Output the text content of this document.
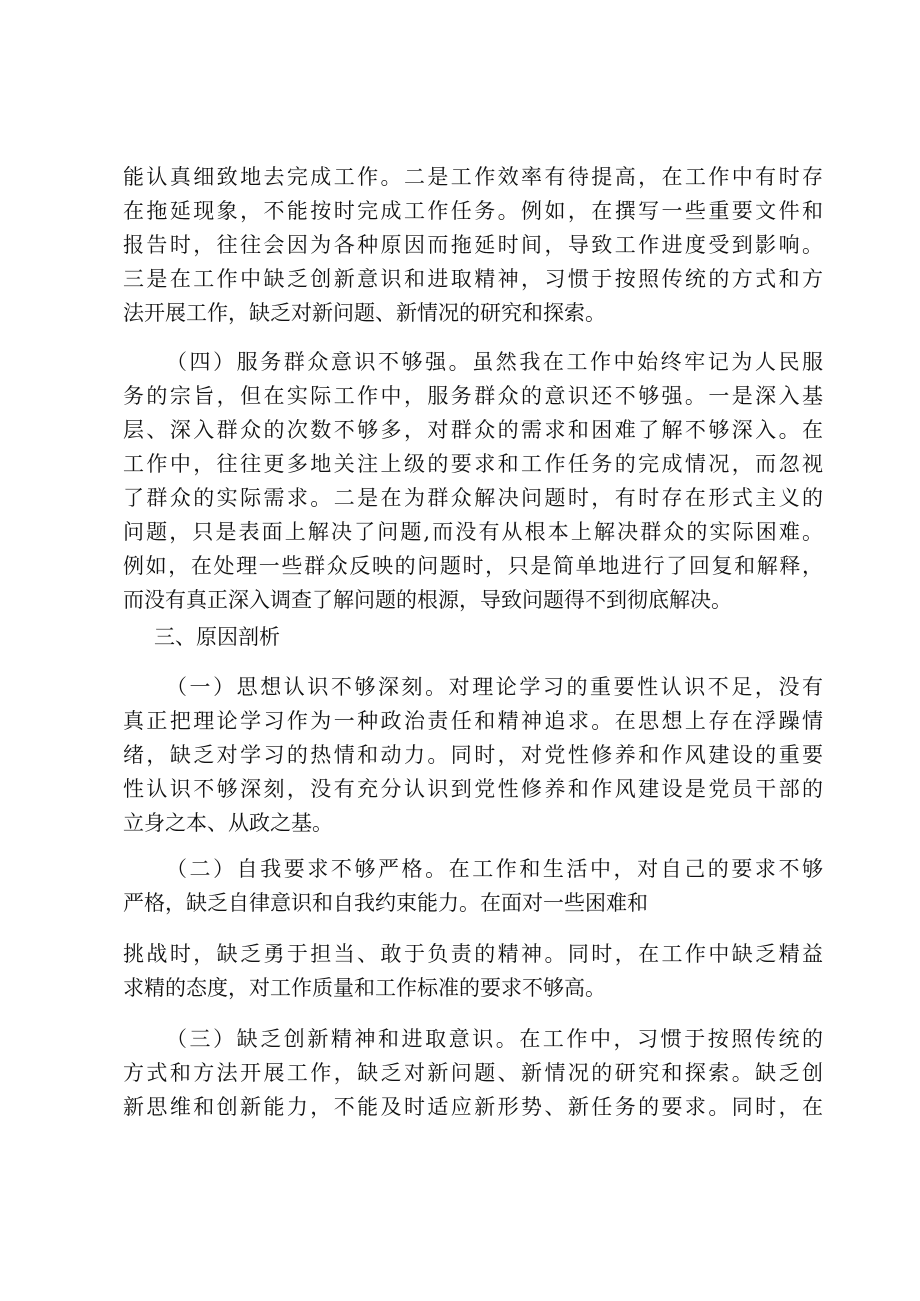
能认真细致地去完成工作。二是工作效率有待提高，在工作中有时存
在拖延现象，不能按时完成工作任务。例如，在撰写一些重要文件和
报告时，往往会因为各种原因而拖延时间，导致工作进度受到影响。
三是在工作中缺乏创新意识和进取精神，习惯于按照传统的方式和方
法开展工作，缺乏对新问题、新情况的研究和探索。
（四）服务群众意识不够强。虽然我在工作中始终牢记为人民服
务的宗旨，但在实际工作中，服务群众的意识还不够强。一是深入基
层、深入群众的次数不够多，对群众的需求和困难了解不够深入。在
工作中，往往更多地关注上级的要求和工作任务的完成情况，而忽视
了群众的实际需求。二是在为群众解决问题时，有时存在形式主义的
问题，只是表面上解决了问题,而没有从根本上解决群众的实际困难。
例如，在处理一些群众反映的问题时，只是简单地进行了回复和解释，
而没有真正深入调查了解问题的根源，导致问题得不到彻底解决。
三、原因剖析
（一）思想认识不够深刻。对理论学习的重要性认识不足，没有
真正把理论学习作为一种政治责任和精神追求。在思想上存在浮躁情
绪，缺乏对学习的热情和动力。同时，对党性修养和作风建设的重要
性认识不够深刻，没有充分认识到党性修养和作风建设是党员干部的
立身之本、从政之基。
（二）自我要求不够严格。在工作和生活中，对自己的要求不够
严格，缺乏自律意识和自我约束能力。在面对一些困难和
挑战时，缺乏勇于担当、敢于负责的精神。同时，在工作中缺乏精益
求精的态度，对工作质量和工作标准的要求不够高。
（三）缺乏创新精神和进取意识。在工作中，习惯于按照传统的
方式和方法开展工作，缺乏对新问题、新情况的研究和探索。缺乏创
新思维和创新能力，不能及时适应新形势、新任务的要求。同时，在
